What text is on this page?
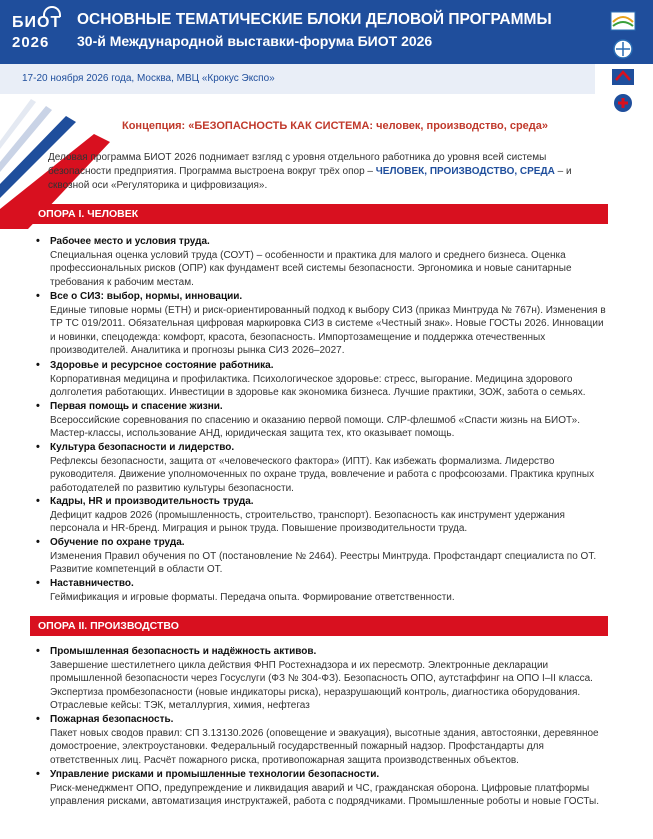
БИОТ
2026
ОСНОВНЫЕ ТЕМАТИЧЕСКИЕ БЛОКИ ДЕЛОВОЙ ПРОГРАММЫ
30-й Международной выставки-форума БИОТ 2026
17-20 ноября 2026 года, Москва, МВЦ «Крокус Экспо»
Концепция: «БЕЗОПАСНОСТЬ КАК СИСТЕМА: человек, производство, среда»
Деловая программа БИОТ 2026 поднимает взгляд с уровня отдельного работника до уровня всей системы безопасности предприятия. Программа выстроена вокруг трёх опор – ЧЕЛОВЕК, ПРОИЗВОДСТВО, СРЕДА – и сквозной оси «Регуляторика и цифровизация».
ОПОРА I. ЧЕЛОВЕК
• Рабочее место и условия труда.
Специальная оценка условий труда (СОУТ) – особенности и практика для малого и среднего бизнеса. Оценка профессиональных рисков (ОПР) как фундамент всей системы безопасности. Эргономика и новые санитарные требования к рабочим местам.
• Все о СИЗ: выбор, нормы, инновации.
Единые типовые нормы (ЕТН) и риск-ориентированный подход к выбору СИЗ (приказ Минтруда № 767н). Изменения в ТР ТС 019/2011. Обязательная цифровая маркировка СИЗ в системе «Честный знак». Новые ГОСТы 2026. Инновации и новинки, спецодежда: комфорт, красота, безопасность. Импортозамещение и поддержка отечественных производителей. Аналитика и прогнозы рынка СИЗ 2026–2027.
• Здоровье и ресурсное состояние работника.
Корпоративная медицина и профилактика. Психологическое здоровье: стресс, выгорание. Медицина здорового долголетия работающих. Инвестиции в здоровье как экономика бизнеса. Лучшие практики, ЗОЖ, забота о семьях.
• Первая помощь и спасение жизни.
Всероссийские соревнования по спасению и оказанию первой помощи. СЛР-флешмоб «Спасти жизнь на БИОТ». Мастер-классы, использование АНД, юридическая защита тех, кто оказывает помощь.
• Культура безопасности и лидерство.
Рефлексы безопасности, защита от «человеческого фактора» (ИПТ). Как избежать формализма. Лидерство руководителя. Движение уполномоченных по охране труда, вовлечение и работа с профсоюзами. Практика крупных работодателей по развитию культуры безопасности.
• Кадры, HR и производительность труда.
Дефицит кадров 2026 (промышленность, строительство, транспорт). Безопасность как инструмент удержания персонала и HR-бренд. Миграция и рынок труда. Повышение производительности труда.
• Обучение по охране труда.
Изменения Правил обучения по ОТ (постановление № 2464). Реестры Минтруда. Профстандарт специалиста по ОТ. Развитие компетенций в области ОТ.
• Наставничество.
Геймификация и игровые форматы. Передача опыта. Формирование ответственности.
ОПОРА II. ПРОИЗВОДСТВО
• Промышленная безопасность и надёжность активов.
Завершение шестилетнего цикла действия ФНП Ростехнадзора и их пересмотр. Электронные декларации промышленной безопасности через Госуслуги (ФЗ № 304-ФЗ). Безопасность ОПО, аутстаффинг на ОПО I–II класса. Экспертиза промбезопасности (новые индикаторы риска), неразрушающий контроль, диагностика оборудования. Отраслевые кейсы: ТЭК, металлургия, химия, нефтегаз
• Пожарная безопасность.
Пакет новых сводов правил: СП 3.13130.2026 (оповещение и эвакуация), высотные здания, автостоянки, деревянное домостроение, электроустановки. Федеральный государственный пожарный надзор. Профстандарты для ответственных лиц. Расчёт пожарного риска, противопожарная защита производственных объектов.
• Управление рисками и промышленные технологии безопасности.
Риск-менеджмент ОПО, предупреждение и ликвидация аварий и ЧС, гражданская оборона. Цифровые платформы управления рисками, автоматизация инструктажей, работа с подрядчиками. Промышленные роботы и новые ГОСТы.
